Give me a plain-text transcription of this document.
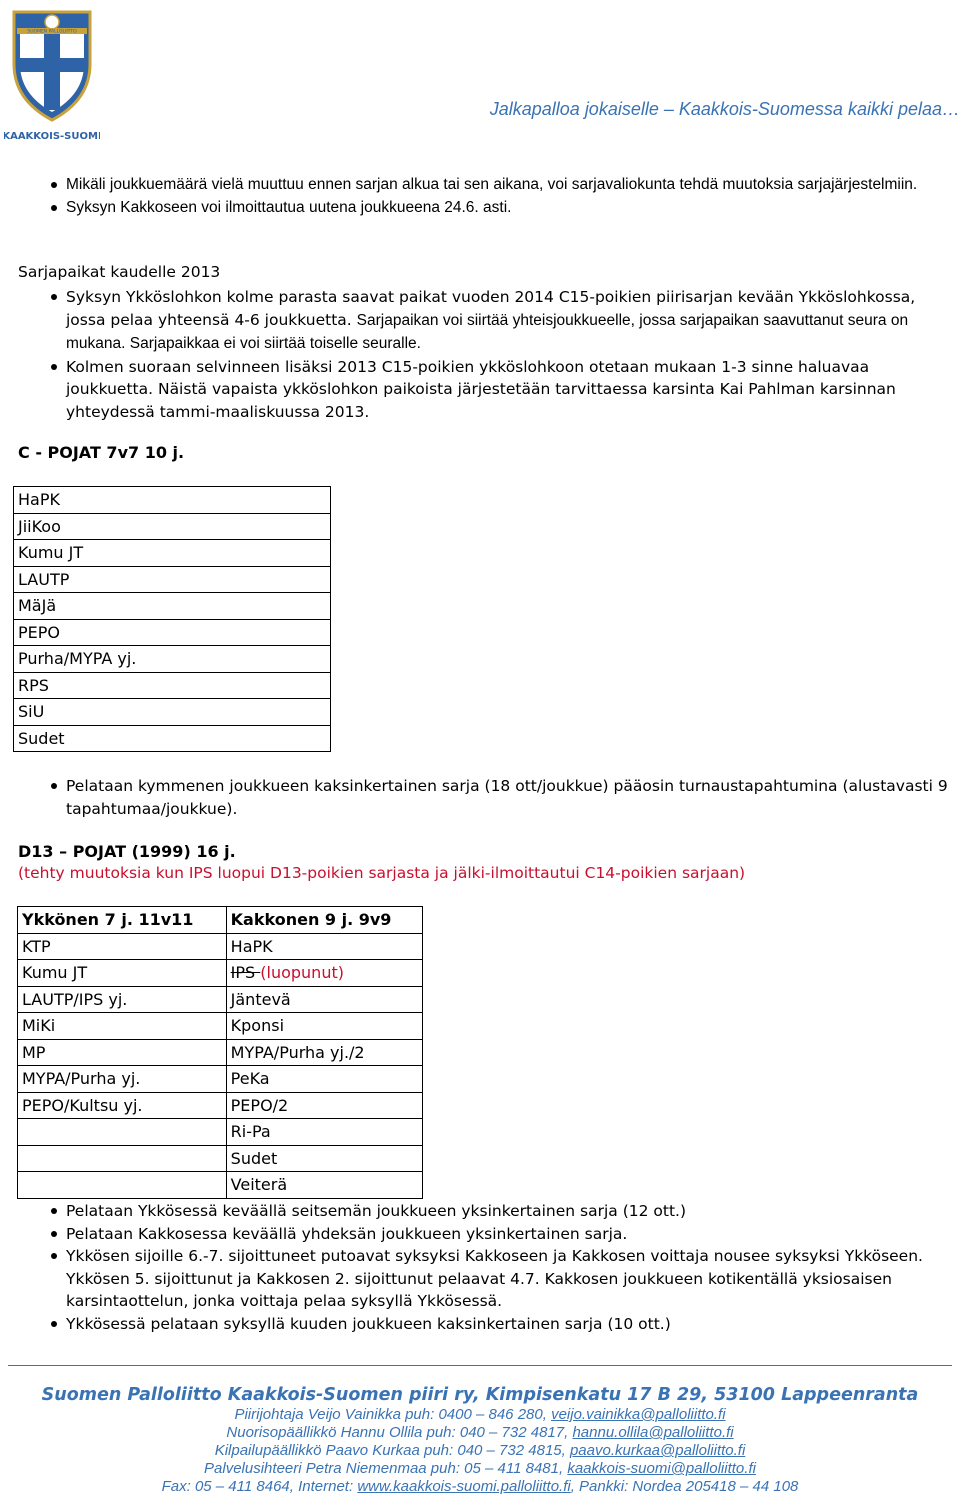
SUOMEN PALLOLIITTO
KAAKKOIS-SUOMI
Jalkapalloa jokaiselle – Kaakkois-Suomessa kaikki pelaa…
Mikäli joukkuemäärä vielä muuttuu ennen sarjan alkua tai sen aikana, voi sarjavaliokunta tehdä muutoksia sarjajärjestelmiin.
Syksyn Kakkoseen voi ilmoittautua uutena joukkueena 24.6. asti.
Sarjapaikat kaudelle 2013
Syksyn Ykköslohkon kolme parasta saavat paikat vuoden 2014 C15-poikien piirisarjan kevään Ykköslohkossa, jossa pelaa yhteensä 4-6 joukkuetta. Sarjapaikan voi siirtää yhteisjoukkueelle, jossa sarjapaikan saavuttanut seura on mukana. Sarjapaikkaa ei voi siirtää toiselle seuralle.
Kolmen suoraan selvinneen lisäksi 2013 C15-poikien ykköslohkoon otetaan mukaan 1-3 sinne haluavaa joukkuetta. Näistä vapaista ykköslohkon paikoista järjestetään tarvittaessa karsinta Kai Pahlman karsinnan yhteydessä tammi-maaliskuussa 2013.
C - POJAT 7v7 10 j.
HaPK
JiiKoo
Kumu JT
LAUTP
MäJä
PEPO
Purha/MYPA yj.
RPS
SiU
Sudet
Pelataan kymmenen joukkueen kaksinkertainen sarja (18 ott/joukkue) pääosin turnaustapahtumina (alustavasti 9 tapahtumaa/joukkue).
D13 – POJAT (1999) 16 j.
(tehty muutoksia kun IPS luopui D13-poikien sarjasta ja jälki-ilmoittautui C14-poikien sarjaan)
Ykkönen 7 j. 11v11	Kakkonen 9 j. 9v9
KTP	HaPK
Kumu JT	IPS (luopunut)
LAUTP/IPS yj.	Jäntevä
MiKi	Kponsi
MP	MYPA/Purha yj./2
MYPA/Purha yj.	PeKa
PEPO/Kultsu yj.	PEPO/2
	Ri-Pa
	Sudet
	Veiterä
Pelataan Ykkösessä keväällä seitsemän joukkueen yksinkertainen sarja (12 ott.)
Pelataan Kakkosessa keväällä yhdeksän joukkueen yksinkertainen sarja.
Ykkösen sijoille 6.-7. sijoittuneet putoavat syksyksi Kakkoseen ja Kakkosen voittaja nousee syksyksi Ykköseen. Ykkösen 5. sijoittunut ja Kakkosen 2. sijoittunut pelaavat 4.7. Kakkosen joukkueen kotikentällä yksiosaisen karsintaottelun, jonka voittaja pelaa syksyllä Ykkösessä.
Ykkösessä pelataan syksyllä kuuden joukkueen kaksinkertainen sarja (10 ott.)
Suomen Palloliitto Kaakkois-Suomen piiri ry, Kimpisenkatu 17 B 29, 53100 Lappeenranta
Piirijohtaja Veijo Vainikka puh: 0400 – 846 280, veijo.vainikka@palloliitto.fi
Nuorisopäällikkö Hannu Ollila puh: 040 – 732 4817, hannu.ollila@palloliitto.fi
Kilpailupäällikkö Paavo Kurkaa puh: 040 – 732 4815, paavo.kurkaa@palloliitto.fi
Palvelusihteeri Petra Niemenmaa puh: 05 – 411 8481, kaakkois-suomi@palloliitto.fi
Fax: 05 – 411 8464, Internet: www.kaakkois-suomi.palloliitto.fi, Pankki: Nordea 205418 – 44 108
